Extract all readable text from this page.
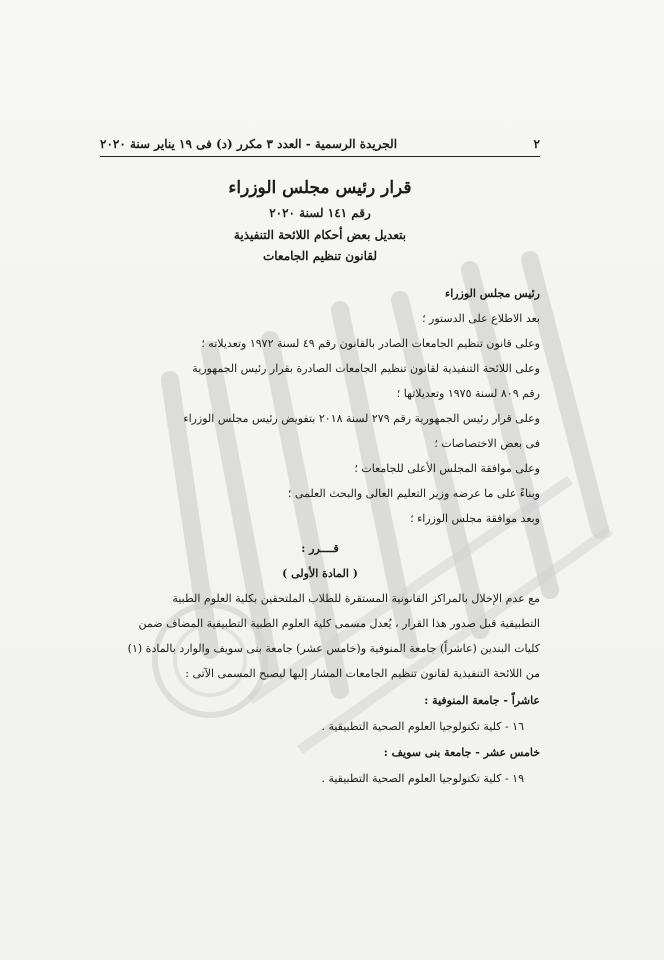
٢
الجريدة الرسمية - العدد ٣ مكرر (د) فى ١٩ يناير سنة ٢٠٢٠
قرار رئيس مجلس الوزراء
رقم ١٤١ لسنة ٢٠٢٠
بتعديل بعض أحكام اللائحة التنفيذية
لقانون تنظيم الجامعات
رئيس مجلس الوزراء
بعد الاطلاع على الدستور ؛
وعلى قانون تنظيم الجامعات الصادر بالقانون رقم ٤٩ لسنة ١٩٧٢ وتعديلاته ؛
وعلى اللائحة التنفيذية لقانون تنظيم الجامعات الصادرة بقرار رئيس الجمهورية
رقم ٨٠٩ لسنة ١٩٧٥ وتعديلاتها ؛
وعلى قرار رئيس الجمهورية رقم ٢٧٩ لسنة ٢٠١٨ بتفويض رئيس مجلس الوزراء
فى بعض الاختصاصات ؛
وعلى موافقة المجلس الأعلى للجامعات ؛
وبناءً على ما عرضه وزير التعليم العالى والبحث العلمى ؛
وبعد موافقة مجلس الوزراء ؛
قــــرر :
( المادة الأولى )
مع عدم الإخلال بالمراكز القانونية المستقرة للطلاب الملتحقين بكلية العلوم الطبية
التطبيقية قبل صدور هذا القرار ، يُعدل مسمى كلية العلوم الطبية التطبيقية المضاف ضمن
كليات البندين (عاشراً) جامعة المنوفية و(خامس عشر) جامعة بنى سويف والوارد بالمادة (١)
من اللائحة التنفيذية لقانون تنظيم الجامعات المشار إليها ليصبح المسمى الآتى :
عاشراً - جامعة المنوفية :
١٦ - كلية تكنولوجيا العلوم الصحية التطبيقية .
خامس عشر - جامعة بنى سويف :
١٩ - كلية تكنولوجيا العلوم الصحية التطبيقية .
